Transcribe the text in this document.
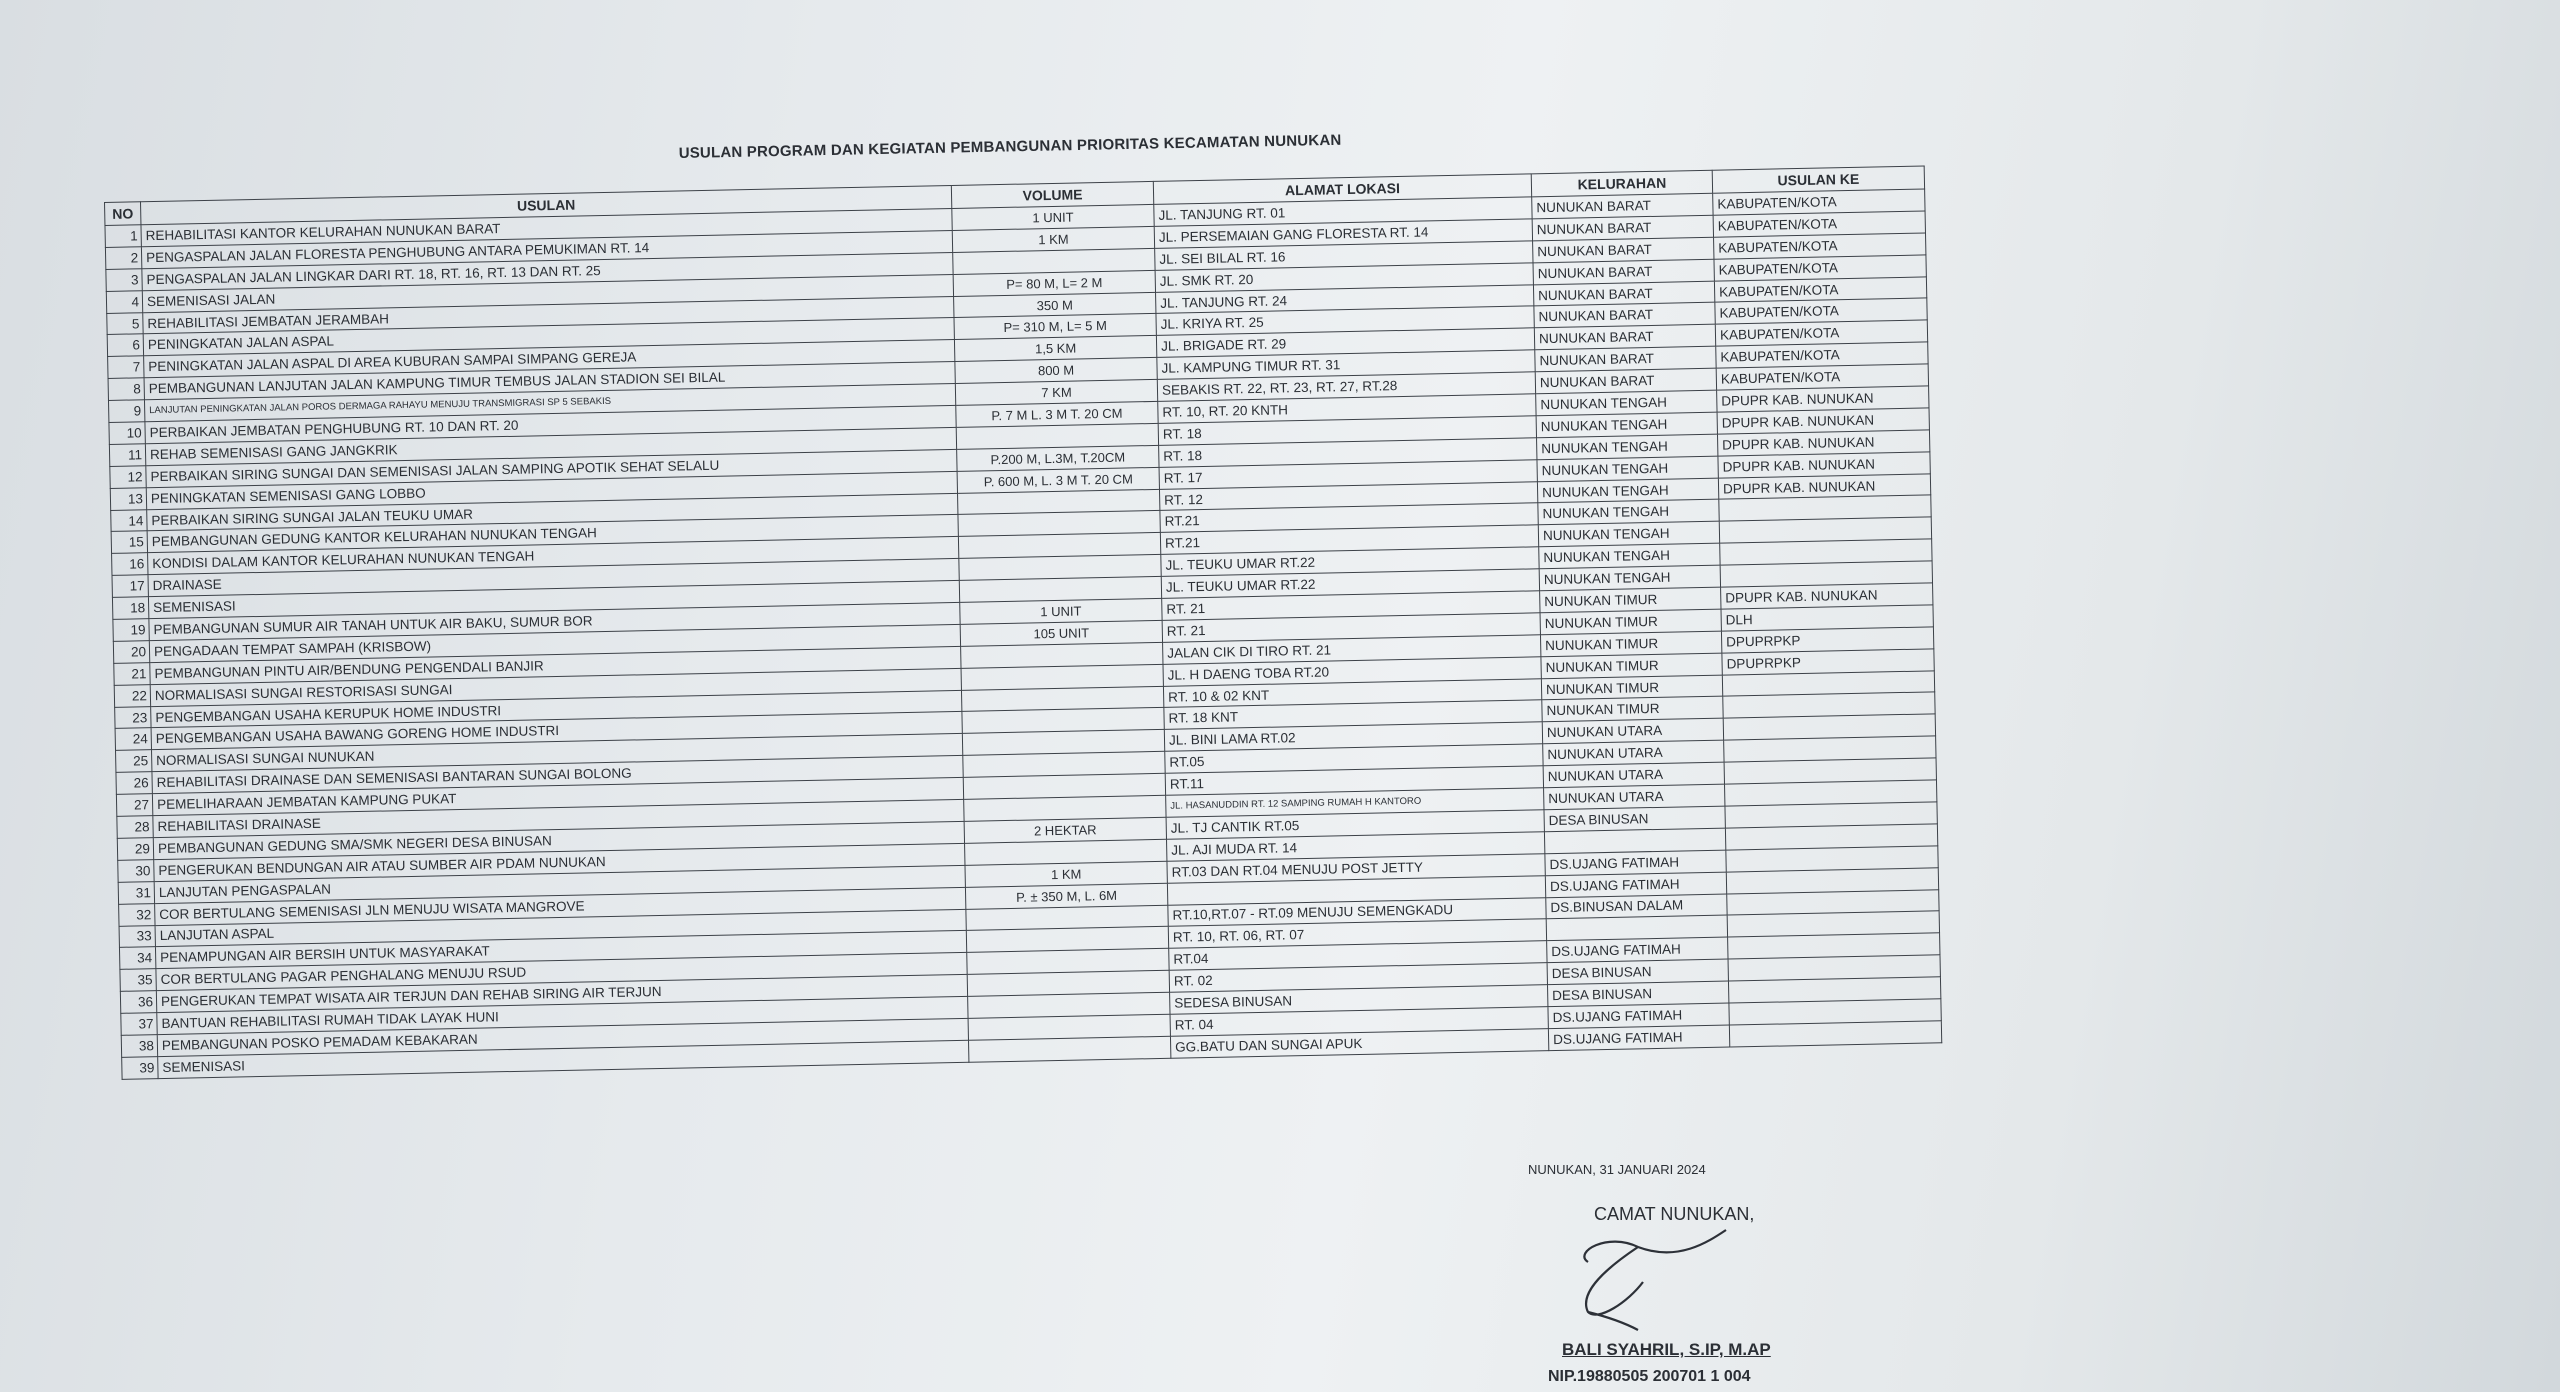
USULAN PROGRAM DAN KEGIATAN PEMBANGUNAN PRIORITAS KECAMATAN NUNUKAN
NO	USULAN	VOLUME	ALAMAT LOKASI	KELURAHAN	USULAN KE
1	REHABILITASI KANTOR KELURAHAN NUNUKAN BARAT	1 UNIT	JL. TANJUNG RT. 01	NUNUKAN BARAT	KABUPATEN/KOTA
2	PENGASPALAN JALAN FLORESTA PENGHUBUNG ANTARA PEMUKIMAN RT. 14	1 KM	JL. PERSEMAIAN GANG FLORESTA RT. 14	NUNUKAN BARAT	KABUPATEN/KOTA
3	PENGASPALAN JALAN LINGKAR DARI RT. 18, RT. 16, RT. 13 DAN RT. 25		JL. SEI BILAL RT. 16	NUNUKAN BARAT	KABUPATEN/KOTA
4	SEMENISASI JALAN	P= 80 M, L= 2 M	JL. SMK RT. 20	NUNUKAN BARAT	KABUPATEN/KOTA
5	REHABILITASI JEMBATAN JERAMBAH	350 M	JL. TANJUNG RT. 24	NUNUKAN BARAT	KABUPATEN/KOTA
6	PENINGKATAN JALAN ASPAL	P= 310 M, L= 5 M	JL. KRIYA RT. 25	NUNUKAN BARAT	KABUPATEN/KOTA
7	PENINGKATAN JALAN ASPAL DI AREA KUBURAN SAMPAI SIMPANG GEREJA	1,5 KM	JL. BRIGADE RT. 29	NUNUKAN BARAT	KABUPATEN/KOTA
8	PEMBANGUNAN LANJUTAN JALAN KAMPUNG TIMUR TEMBUS JALAN STADION SEI BILAL	800 M	JL. KAMPUNG TIMUR RT. 31	NUNUKAN BARAT	KABUPATEN/KOTA
9	LANJUTAN PENINGKATAN JALAN POROS DERMAGA RAHAYU MENUJU TRANSMIGRASI SP 5 SEBAKIS	7 KM	SEBAKIS RT. 22, RT. 23, RT. 27, RT.28	NUNUKAN BARAT	KABUPATEN/KOTA
10	PERBAIKAN JEMBATAN PENGHUBUNG RT. 10 DAN RT. 20	P. 7 M L. 3 M T. 20 CM	RT. 10, RT. 20 KNTH	NUNUKAN TENGAH	DPUPR KAB. NUNUKAN
11	REHAB SEMENISASI GANG JANGKRIK		RT. 18	NUNUKAN TENGAH	DPUPR KAB. NUNUKAN
12	PERBAIKAN SIRING SUNGAI DAN SEMENISASI JALAN SAMPING APOTIK SEHAT SELALU	P.200 M, L.3M, T.20CM	RT. 18	NUNUKAN TENGAH	DPUPR KAB. NUNUKAN
13	PENINGKATAN SEMENISASI GANG LOBBO	P. 600 M, L. 3 M T. 20 CM	RT. 17	NUNUKAN TENGAH	DPUPR KAB. NUNUKAN
14	PERBAIKAN SIRING SUNGAI JALAN TEUKU UMAR		RT. 12	NUNUKAN TENGAH	DPUPR KAB. NUNUKAN
15	PEMBANGUNAN GEDUNG KANTOR KELURAHAN NUNUKAN TENGAH		RT.21	NUNUKAN TENGAH	
16	KONDISI DALAM KANTOR KELURAHAN NUNUKAN TENGAH		RT.21	NUNUKAN TENGAH	
17	DRAINASE		JL. TEUKU UMAR RT.22	NUNUKAN TENGAH	
18	SEMENISASI		JL. TEUKU UMAR RT.22	NUNUKAN TENGAH	
19	PEMBANGUNAN SUMUR AIR TANAH UNTUK AIR BAKU, SUMUR BOR	1 UNIT	RT. 21	NUNUKAN TIMUR	DPUPR KAB. NUNUKAN
20	PENGADAAN TEMPAT SAMPAH (KRISBOW)	105 UNIT	RT. 21	NUNUKAN TIMUR	DLH
21	PEMBANGUNAN PINTU AIR/BENDUNG PENGENDALI BANJIR		JALAN CIK DI TIRO RT. 21	NUNUKAN TIMUR	DPUPRPKP
22	NORMALISASI SUNGAI RESTORISASI SUNGAI		JL. H DAENG TOBA RT.20	NUNUKAN TIMUR	DPUPRPKP
23	PENGEMBANGAN USAHA KERUPUK HOME INDUSTRI		RT. 10 & 02 KNT	NUNUKAN TIMUR	
24	PENGEMBANGAN USAHA BAWANG GORENG HOME INDUSTRI		RT. 18 KNT	NUNUKAN TIMUR	
25	NORMALISASI SUNGAI NUNUKAN		JL. BINI LAMA RT.02	NUNUKAN UTARA	
26	REHABILITASI DRAINASE DAN SEMENISASI BANTARAN SUNGAI BOLONG		RT.05	NUNUKAN UTARA	
27	PEMELIHARAAN JEMBATAN KAMPUNG PUKAT		RT.11	NUNUKAN UTARA	
28	REHABILITASI DRAINASE		JL. HASANUDDIN RT. 12 SAMPING RUMAH H KANTORO	NUNUKAN UTARA	
29	PEMBANGUNAN GEDUNG SMA/SMK NEGERI DESA BINUSAN	2 HEKTAR	JL. TJ CANTIK RT.05	DESA BINUSAN	
30	PENGERUKAN BENDUNGAN AIR ATAU SUMBER AIR PDAM NUNUKAN		JL. AJI MUDA RT. 14		
31	LANJUTAN PENGASPALAN	1 KM	RT.03 DAN RT.04 MENUJU POST JETTY	DS.UJANG FATIMAH	
32	COR BERTULANG SEMENISASI JLN MENUJU WISATA MANGROVE	P. ± 350 M, L. 6M		DS.UJANG FATIMAH	
33	LANJUTAN ASPAL		RT.10,RT.07 - RT.09 MENUJU SEMENGKADU	DS.BINUSAN DALAM	
34	PENAMPUNGAN AIR BERSIH UNTUK MASYARAKAT		RT. 10, RT. 06, RT. 07		
35	COR BERTULANG PAGAR PENGHALANG MENUJU RSUD		RT.04	DS.UJANG FATIMAH	
36	PENGERUKAN TEMPAT WISATA AIR TERJUN DAN REHAB SIRING AIR TERJUN		RT. 02	DESA BINUSAN	
37	BANTUAN REHABILITASI RUMAH TIDAK LAYAK HUNI		SEDESA BINUSAN	DESA BINUSAN	
38	PEMBANGUNAN POSKO PEMADAM KEBAKARAN		RT. 04	DS.UJANG FATIMAH	
39	SEMENISASI		GG.BATU DAN SUNGAI APUK	DS.UJANG FATIMAH	
NUNUKAN, 31 JANUARI 2024
CAMAT NUNUKAN,
BALI SYAHRIL, S.IP, M.AP
NIP.19880505 200701 1 004
